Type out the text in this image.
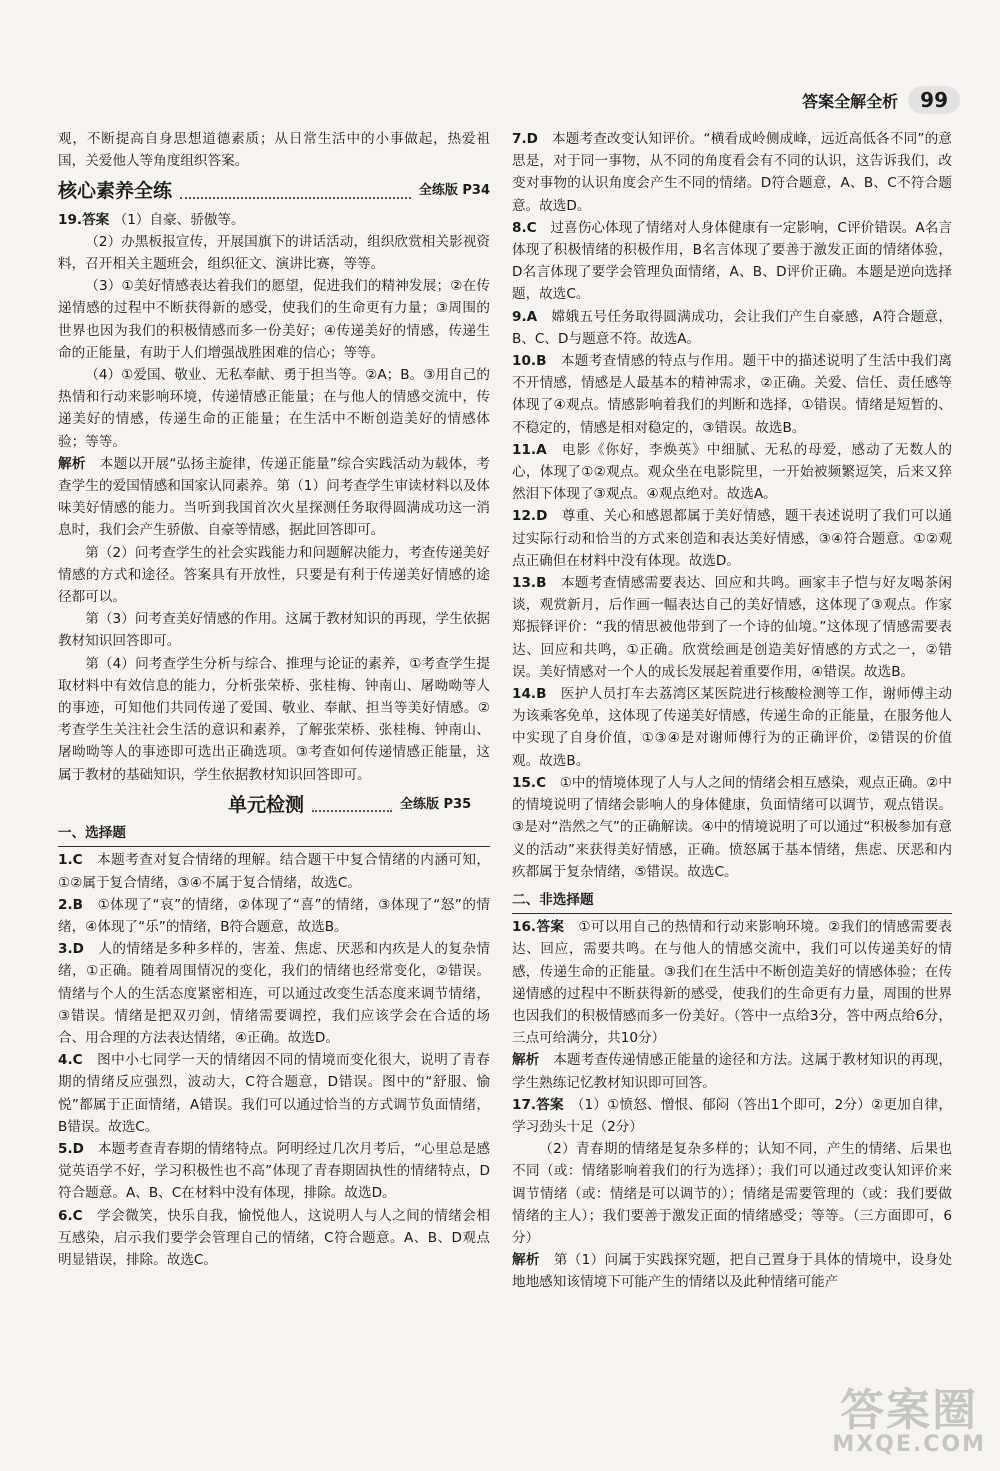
答案全解全析	99

观，不断提高自身思想道德素质；从日常生活中的小事做起，热爱祖国，关爱他人等角度组织答案。

核心素养全练	全练版 P34

19.答案 （1）自豪、骄傲等。

（2）办黑板报宣传，开展国旗下的讲话活动，组织欣赏相关影视资料，召开相关主题班会，组织征文、演讲比赛，等等。

（3）①美好情感表达着我们的愿望，促进我们的精神发展；②在传递情感的过程中不断获得新的感受，使我们的生命更有力量；③周围的世界也因为我们的积极情感而多一份美好；④传递美好的情感，传递生命的正能量，有助于人们增强战胜困难的信心；等等。

（4）①爱国、敬业、无私奉献、勇于担当等。②A；B。③用自己的热情和行动来影响环境，传递情感正能量；在与他人的情感交流中，传递美好的情感，传递生命的正能量；在生活中不断创造美好的情感体验；等等。

解析　 本题以开展“弘扬主旋律，传递正能量”综合实践活动为载体，考查学生的爱国情感和国家认同素养。第（1）问考查学生审读材料以及体味美好情感的能力。当听到我国首次火星探测任务取得圆满成功这一消息时，我们会产生骄傲、自豪等情感，据此回答即可。

第（2）问考查学生的社会实践能力和问题解决能力，考查传递美好情感的方式和途径。答案具有开放性，只要是有利于传递美好情感的途径都可以。

第（3）问考查美好情感的作用。这属于教材知识的再现，学生依据教材知识回答即可。

第（4）问考查学生分析与综合、推理与论证的素养，①考查学生提取材料中有效信息的能力，分析张荣桥、张桂梅、钟南山、屠呦呦等人的事迹，可知他们共同传递了爱国、敬业、奉献、担当等美好情感。②考查学生关注社会生活的意识和素养，了解张荣桥、张桂梅、钟南山、屠呦呦等人的事迹即可选出正确选项。③考查如何传递情感正能量，这属于教材的基础知识，学生依据教材知识回答即可。

单元检测	全练版 P35
一、选择题

1.C　 本题考查对复合情绪的理解。结合题干中复合情绪的内涵可知，①②属于复合情绪，③④不属于复合情绪，故选C。

2.B　 ①体现了“哀”的情绪，②体现了“喜”的情绪，③体现了“怒”的情绪，④体现了“乐”的情绪，B符合题意，故选B。

3.D　 人的情绪是多种多样的，害羞、焦虑、厌恶和内疚是人的复杂情绪，①正确。随着周围情况的变化，我们的情绪也经常变化，②错误。情绪与个人的生活态度紧密相连，可以通过改变生活态度来调节情绪，③错误。情绪是把双刃剑，情绪需要调控，我们应该学会在合适的场合、用合理的方法表达情绪，④正确。故选D。

4.C　 图中小七同学一天的情绪因不同的情境而变化很大，说明了青春期的情绪反应强烈，波动大，C符合题意，D错误。图中的“舒服、愉悦”都属于正面情绪，A错误。我们可以通过恰当的方式调节负面情绪，B错误。故选C。

5.D　 本题考查青春期的情绪特点。阿明经过几次月考后，“心里总是感觉英语学不好，学习积极性也不高”体现了青春期固执性的情绪特点，D符合题意。A、B、C在材料中没有体现，排除。故选D。

6.C　 学会微笑，快乐自我，愉悦他人，这说明人与人之间的情绪会相互感染，启示我们要学会管理自己的情绪，C符合题意。A、B、D观点明显错误，排除。故选C。

7.D　 本题考查改变认知评价。“横看成岭侧成峰，远近高低各不同”的意思是，对于同一事物，从不同的角度看会有不同的认识，这告诉我们，改变对事物的认识角度会产生不同的情绪。D符合题意，A、B、C不符合题意。故选D。

8.C　 过喜伤心体现了情绪对人身体健康有一定影响，C评价错误。A名言体现了积极情绪的积极作用，B名言体现了要善于激发正面的情绪体验，D名言体现了要学会管理负面情绪，A、B、D评价正确。本题是逆向选择题，故选C。

9.A　 嫦娥五号任务取得圆满成功，会让我们产生自豪感，A符合题意，B、C、D与题意不符。故选A。

10.B　 本题考查情感的特点与作用。题干中的描述说明了生活中我们离不开情感，情感是人最基本的精神需求，②正确。关爱、信任、责任感等体现了④观点。情感影响着我们的判断和选择，①错误。情绪是短暂的、不稳定的，情感是相对稳定的，③错误。故选B。

11.A　 电影《你好，李焕英》中细腻、无私的母爱，感动了无数人的心，体现了①②观点。观众坐在电影院里，一开始被频繁逗笑，后来又猝然泪下体现了③观点。④观点绝对。故选A。

12.D　 尊重、关心和感恩都属于美好情感，题干表述说明了我们可以通过实际行动和恰当的方式来创造和表达美好情感，③④符合题意。①②观点正确但在材料中没有体现。故选D。

13.B　 本题考查情感需要表达、回应和共鸣。画家丰子恺与好友喝茶闲谈，观赏新月，后作画一幅表达自己的美好情感，这体现了③观点。作家郑振铎评价：“我的情思被他带到了一个诗的仙境。”这体现了情感需要表达、回应和共鸣，①正确。欣赏绘画是创造美好情感的方式之一，②错误。美好情感对一个人的成长发展起着重要作用，④错误。故选B。

14.B　 医护人员打车去荔湾区某医院进行核酸检测等工作，谢师傅主动为该乘客免单，这体现了传递美好情感，传递生命的正能量，在服务他人中实现了自身价值，①③④是对谢师傅行为的正确评价，②错误的价值观。故选B。

15.C　 ①中的情境体现了人与人之间的情绪会相互感染，观点正确。②中的情境说明了情绪会影响人的身体健康，负面情绪可以调节，观点错误。③是对“浩然之气”的正确解读。④中的情境说明了可以通过“积极参加有意义的活动”来获得美好情感，正确。愤怒属于基本情绪，焦虑、厌恶和内疚都属于复杂情绪，⑤错误。故选C。

二、非选择题

16.答案　 ①可以用自己的热情和行动来影响环境。②我们的情感需要表达、回应，需要共鸣。在与他人的情感交流中，我们可以传递美好的情感，传递生命的正能量。③我们在生活中不断创造美好的情感体验；在传递情感的过程中不断获得新的感受，使我们的生命更有力量，周围的世界也因我们的积极情感而多一份美好。（答中一点给3分，答中两点给6分，三点可给满分，共10分）

解析　 本题考查传递情感正能量的途径和方法。这属于教材知识的再现，学生熟练记忆教材知识即可回答。

17.答案　 （1）①愤怒、憎恨、郁闷（答出1个即可，2分）②更加自律，学习劲头十足（2分）

（2）青春期的情绪是复杂多样的；认知不同，产生的情绪、后果也不同（或：情绪影响着我们的行为选择）；我们可以通过改变认知评价来调节情绪（或：情绪是可以调节的）；情绪是需要管理的（或：我们要做情绪的主人）；我们要善于激发正面的情绪感受；等等。（三方面即可，6分）

解析　 第（1）问属于实践探究题，把自己置身于具体的情境中，设身处地地感知该情境下可能产生的情绪以及此种情绪可能产

答案圈
MXQE.COM
